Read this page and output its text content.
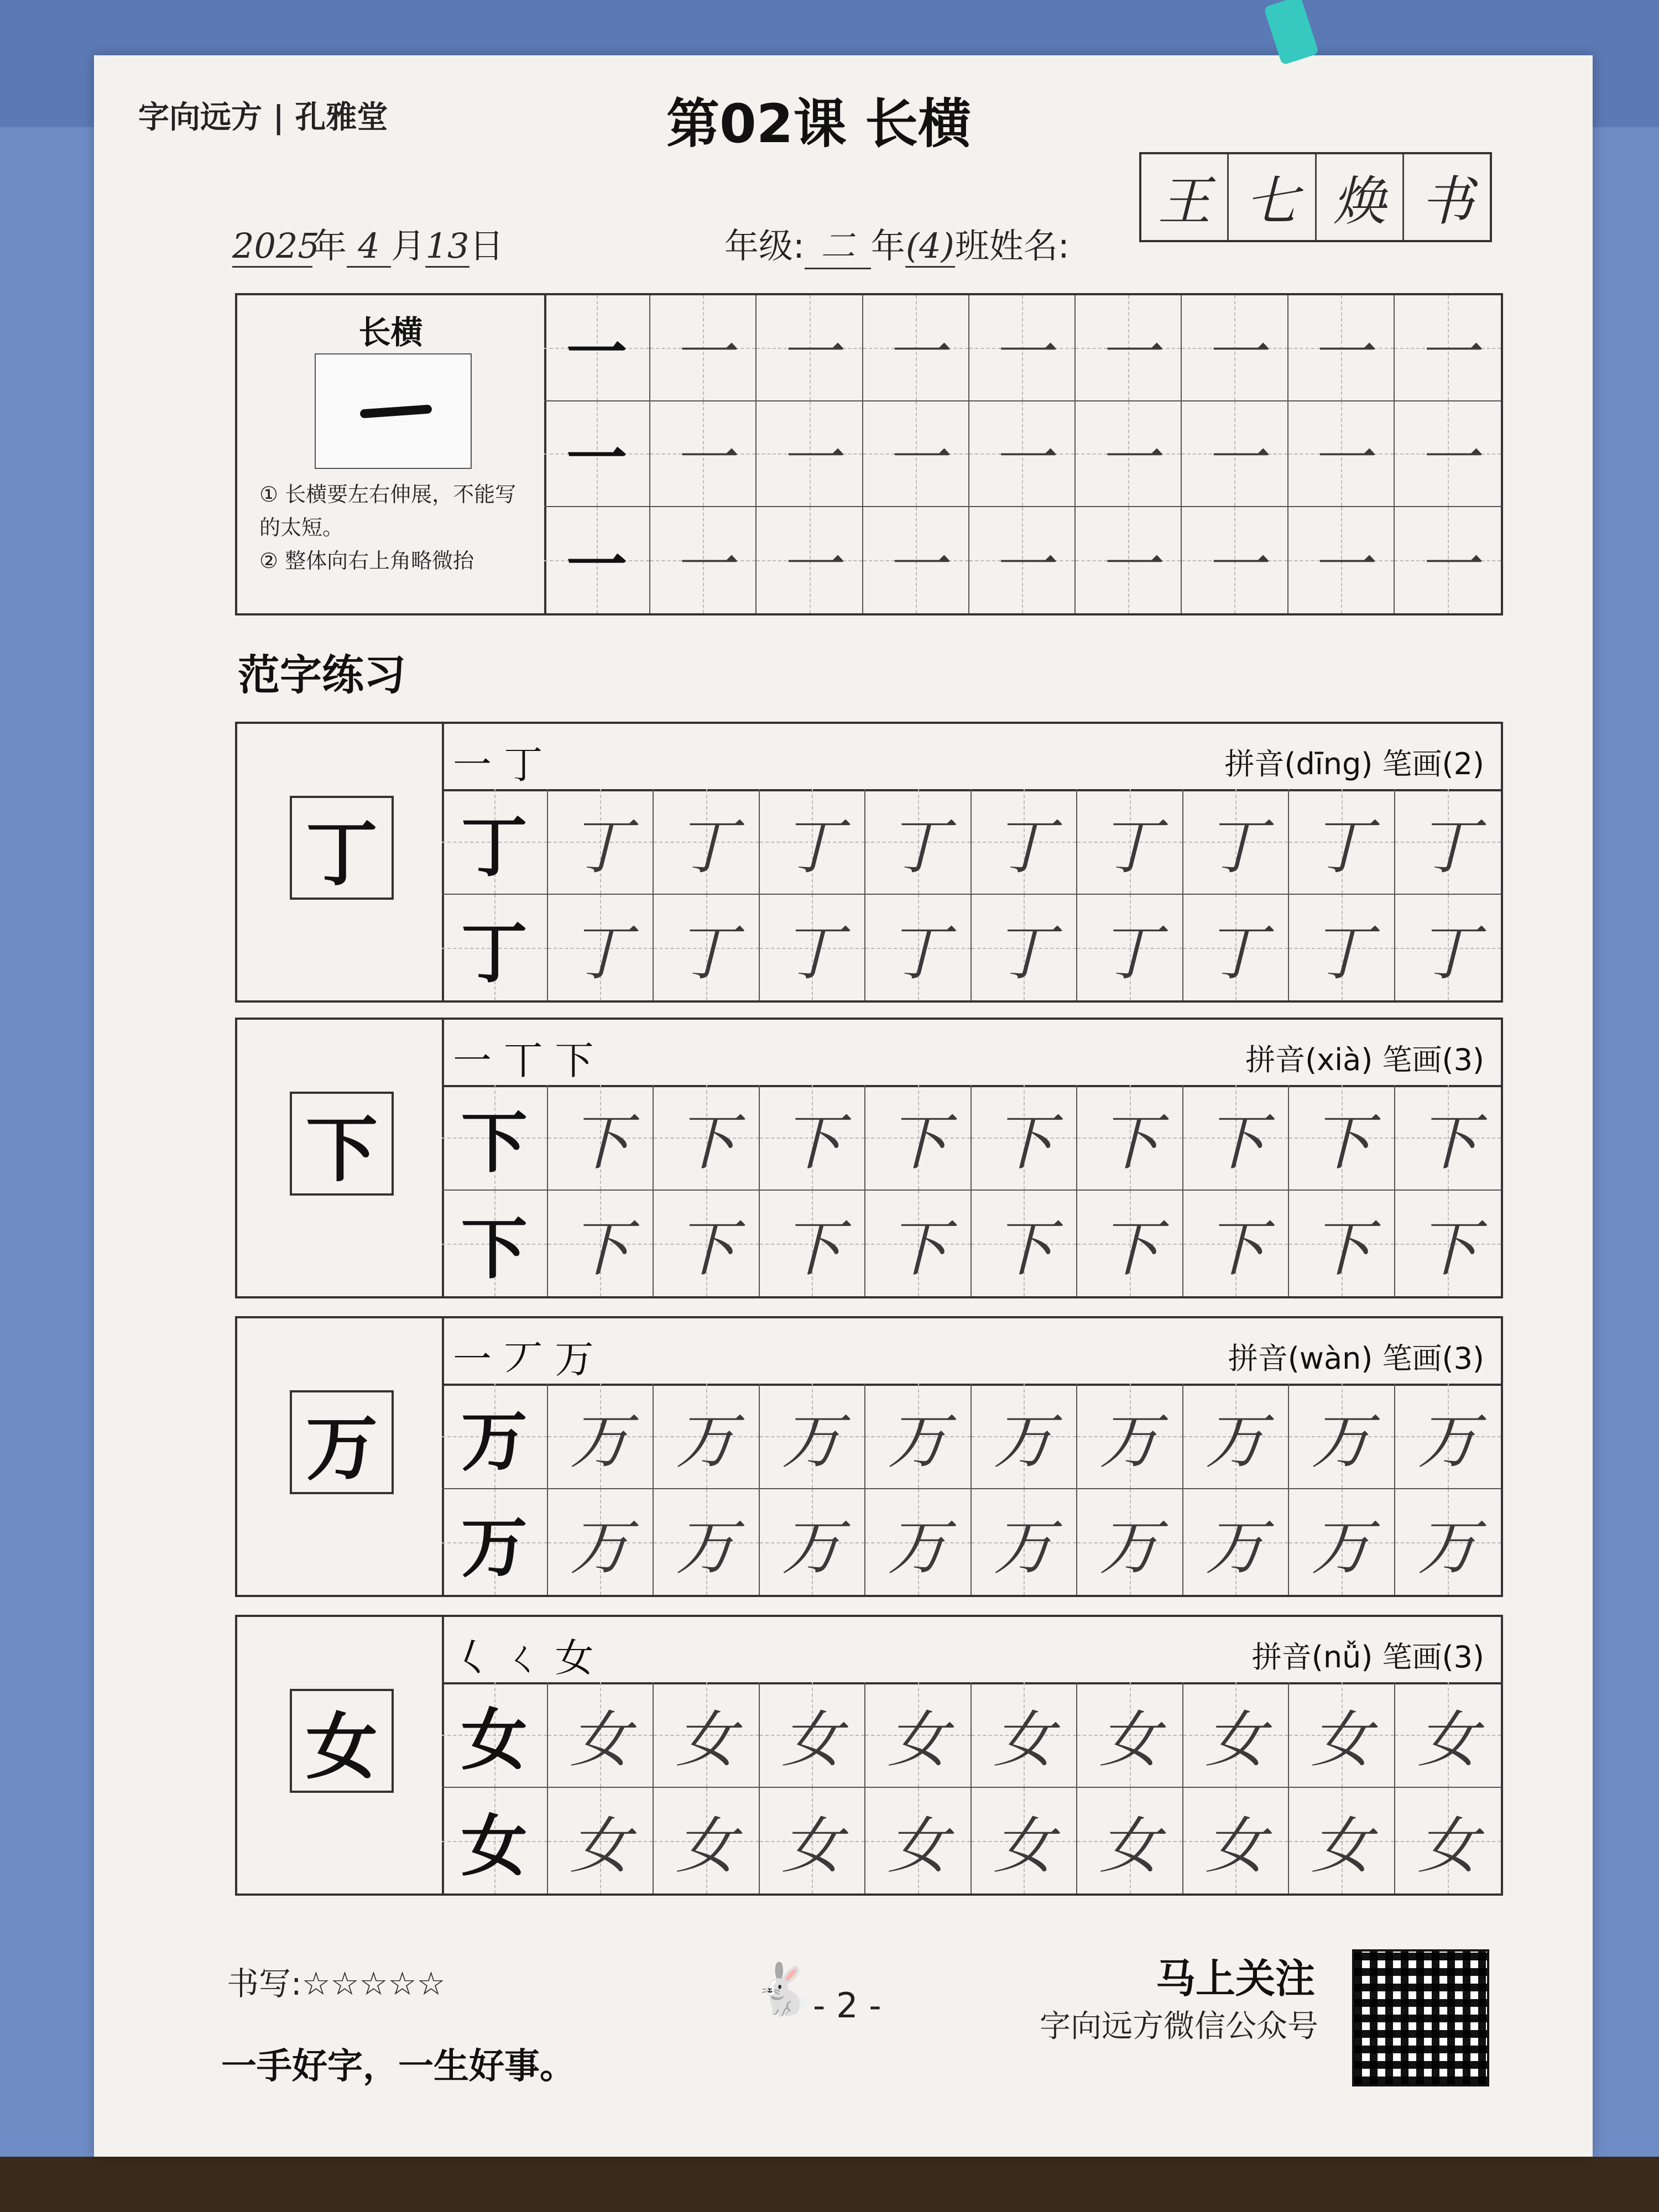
字向远方 | 孔雅堂	第02课 长横
2025年 4 月13日	年级: 二 年(4)班姓名:
王 七 焕 书
长横
① 长横要左右伸展，不能写的太短。
② 整体向右上角略微抬
一 一 一 一 一 一 一 一 一
一 一 一 一 一 一 一 一 一
一 一 一 一 一 一 一 一 一
范字练习
丁
一 丁	拼音(dīng) 笔画(2)
丁 丁 丁 丁 丁 丁 丁 丁 丁 丁
丁 丁 丁 丁 丁 丁 丁 丁 丁 丁
下
一 丅 下	拼音(xià) 笔画(3)
下 下 下 下 下 下 下 下 下 下
下 下 下 下 下 下 下 下 下 下
万
一 丆 万	拼音(wàn) 笔画(3)
万 万 万 万 万 万 万 万 万 万
万 万 万 万 万 万 万 万 万 万
女
𡿨 ㄑ 女	拼音(nǚ) 笔画(3)
女 女 女 女 女 女 女 女 女 女
女 女 女 女 女 女 女 女 女 女
书写:☆☆☆☆☆
一手好字，一生好事。
🐇
- 2 -
马上关注
字向远方微信公众号
